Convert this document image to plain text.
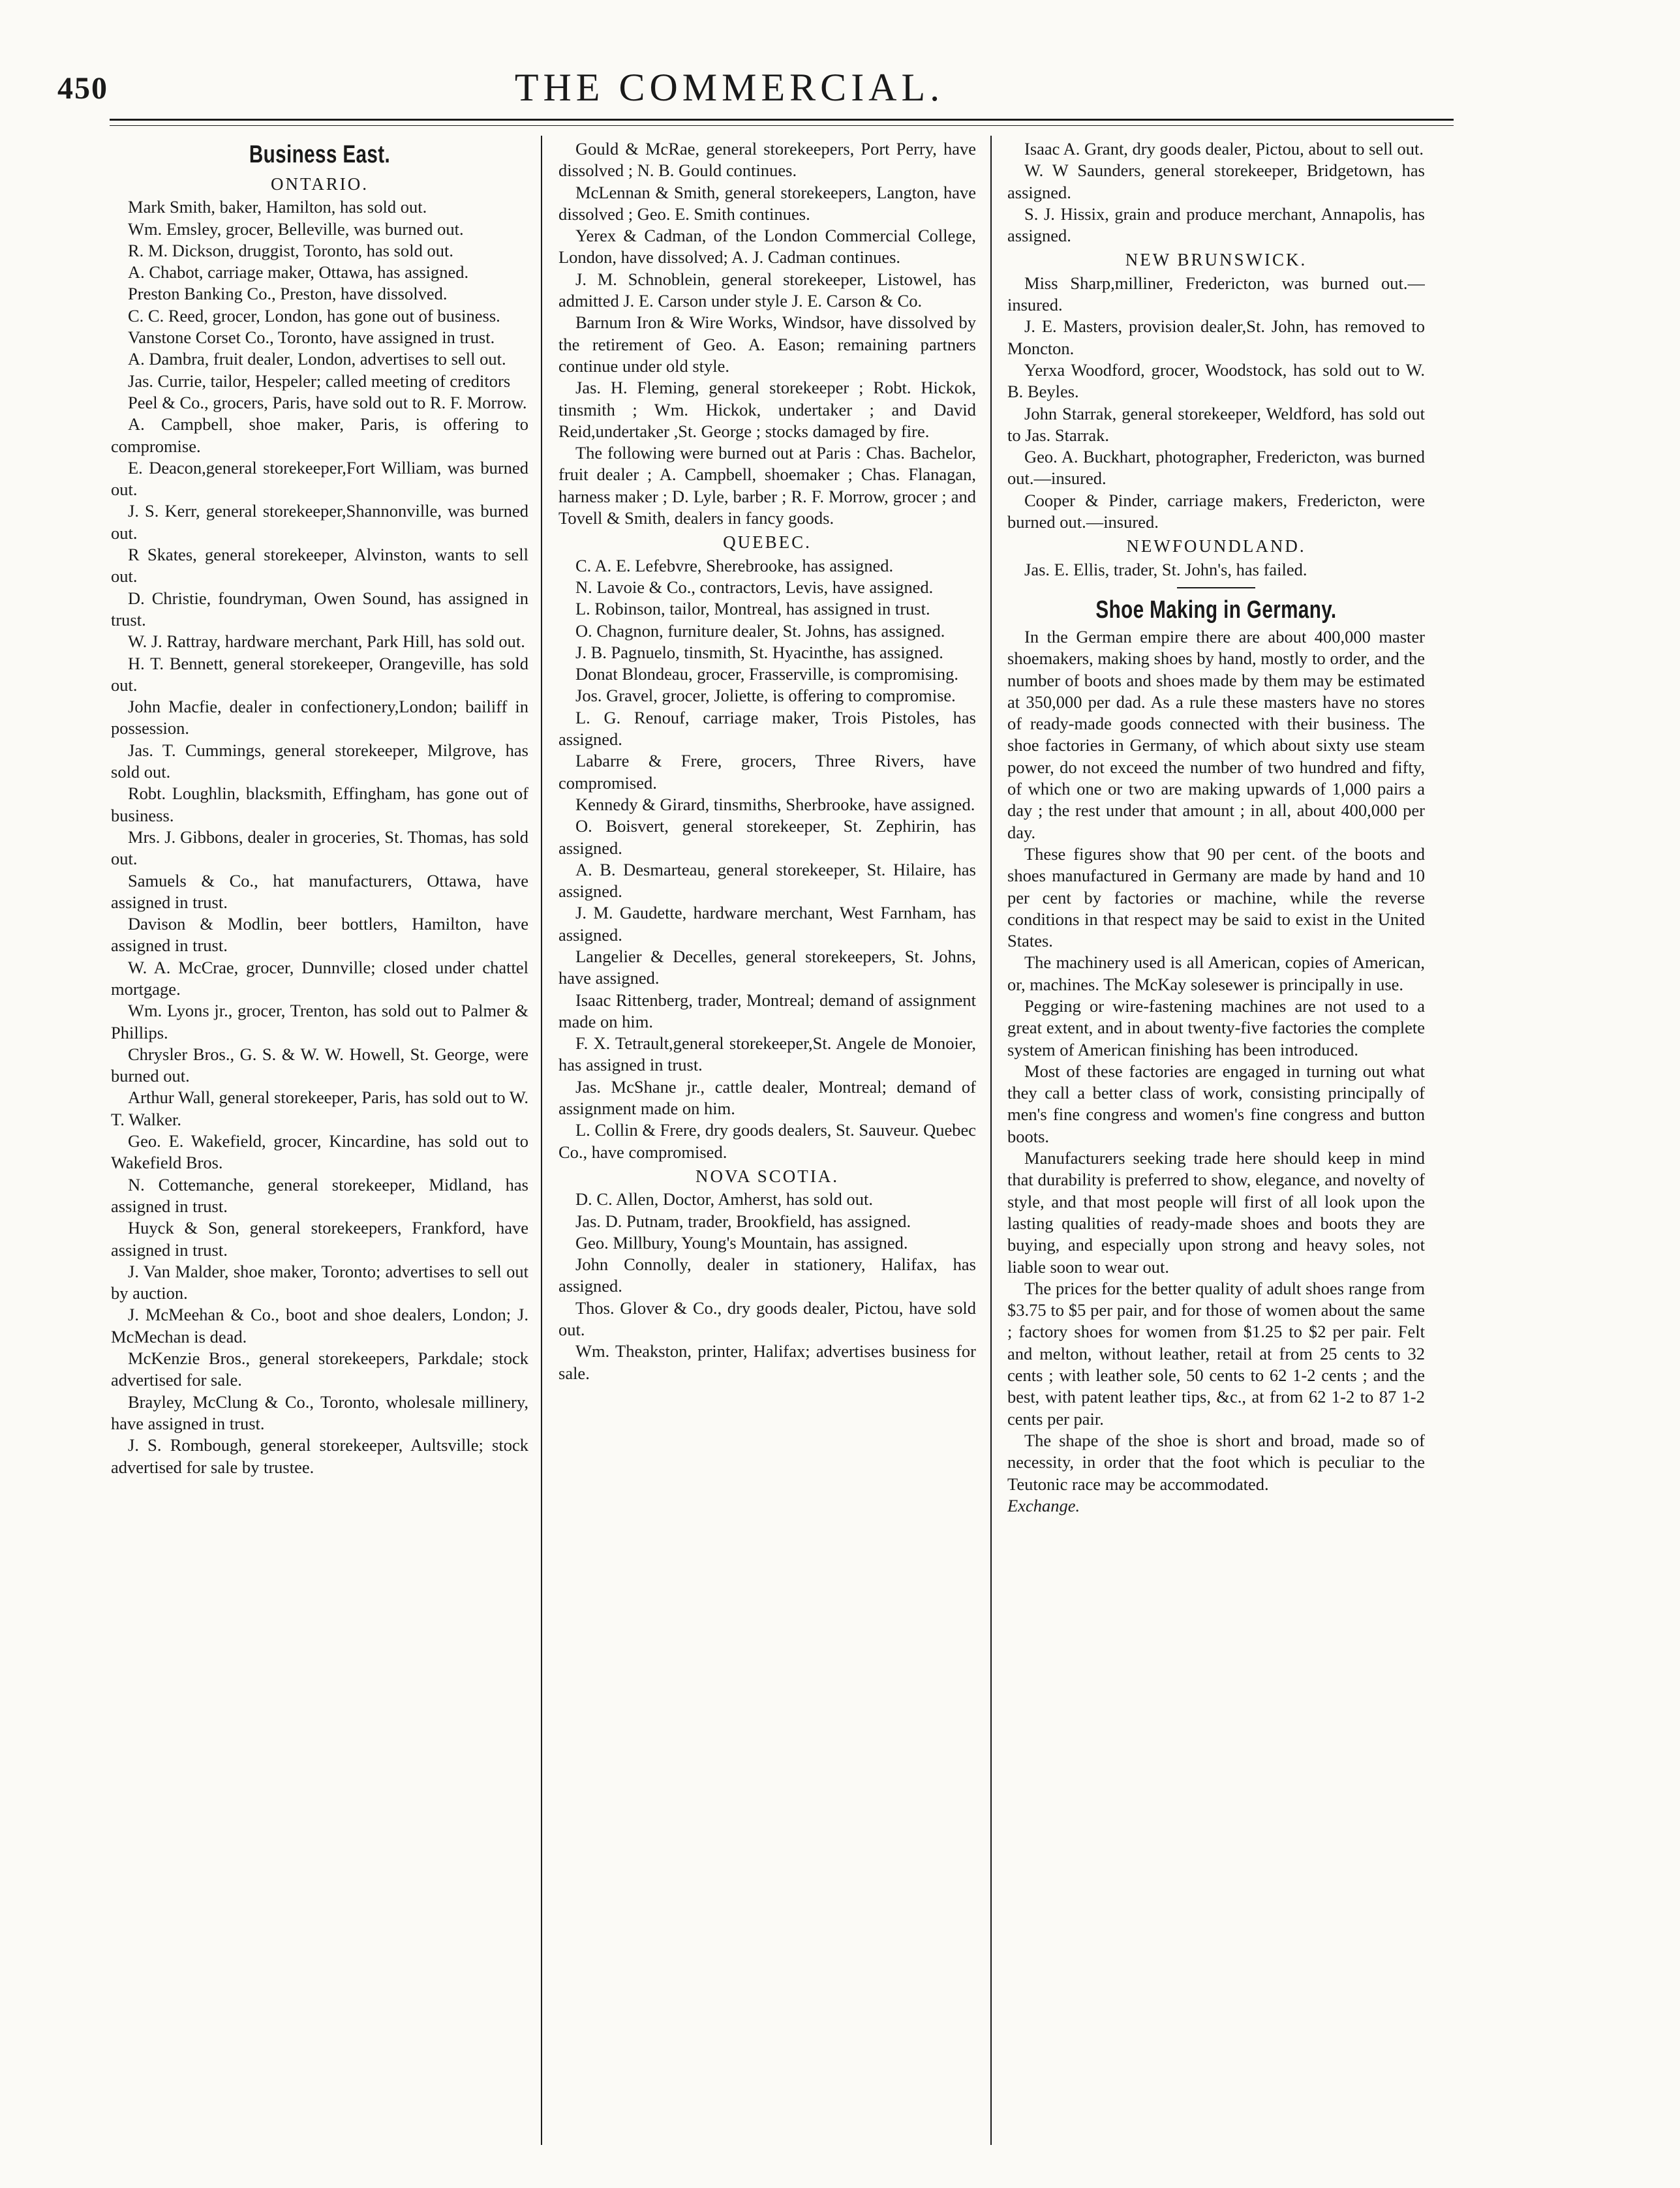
450	THE COMMERCIAL.
Business East.
ONTARIO.

Mark Smith, baker, Hamilton, has sold out.

Wm. Emsley, grocer, Belleville, was burned out.

R. M. Dickson, druggist, Toronto, has sold out.

A. Chabot, carriage maker, Ottawa, has assigned.

Preston Banking Co., Preston, have dissolved.

C. C. Reed, grocer, London, has gone out of business.

Vanstone Corset Co., Toronto, have assigned in trust.

A. Dambra, fruit dealer, London, advertises to sell out.

Jas. Currie, tailor, Hespeler; called meeting of creditors

Peel & Co., grocers, Paris, have sold out to R. F. Morrow.

A. Campbell, shoe maker, Paris, is offering to compromise.

E. Deacon,general storekeeper,Fort William, was burned out.

J. S. Kerr, general storekeeper,Shannonville, was burned out.

R Skates, general storekeeper, Alvinston, wants to sell out.

D. Christie, foundryman, Owen Sound, has assigned in trust.

W. J. Rattray, hardware merchant, Park Hill, has sold out.

H. T. Bennett, general storekeeper, Orangeville, has sold out.

John Macfie, dealer in confectionery,London; bailiff in possession.

Jas. T. Cummings, general storekeeper, Milgrove, has sold out.

Robt. Loughlin, blacksmith, Effingham, has gone out of business.

Mrs. J. Gibbons, dealer in groceries, St. Thomas, has sold out.

Samuels & Co., hat manufacturers, Ottawa, have assigned in trust.

Davison & Modlin, beer bottlers, Hamilton, have assigned in trust.

W. A. McCrae, grocer, Dunnville; closed under chattel mortgage.

Wm. Lyons jr., grocer, Trenton, has sold out to Palmer & Phillips.

Chrysler Bros., G. S. & W. W. Howell, St. George, were burned out.

Arthur Wall, general storekeeper, Paris, has sold out to W. T. Walker.

Geo. E. Wakefield, grocer, Kincardine, has sold out to Wakefield Bros.

N. Cottemanche, general storekeeper, Midland, has assigned in trust.

Huyck & Son, general storekeepers, Frankford, have assigned in trust.

J. Van Malder, shoe maker, Toronto; advertises to sell out by auction.

J. McMeehan & Co., boot and shoe dealers, London; J. McMechan is dead.

McKenzie Bros., general storekeepers, Parkdale; stock advertised for sale.

Brayley, McClung & Co., Toronto, wholesale millinery, have assigned in trust.

J. S. Rombough, general storekeeper, Aultsville; stock advertised for sale by trustee.

Gould & McRae, general storekeepers, Port Perry, have dissolved ; N. B. Gould continues.

McLennan & Smith, general storekeepers, Langton, have dissolved ; Geo. E. Smith continues.

Yerex & Cadman, of the London Commercial College, London, have dissolved; A. J. Cadman continues.

J. M. Schnoblein, general storekeeper, Listowel, has admitted J. E. Carson under style J. E. Carson & Co.

Barnum Iron & Wire Works, Windsor, have dissolved by the retirement of Geo. A. Eason; remaining partners continue under old style.

Jas. H. Fleming, general storekeeper ; Robt. Hickok, tinsmith ; Wm. Hickok, undertaker ; and David Reid,undertaker ,St. George ; stocks damaged by fire.

The following were burned out at Paris : Chas. Bachelor, fruit dealer ; A. Campbell, shoemaker ; Chas. Flanagan, harness maker ; D. Lyle, barber ; R. F. Morrow, grocer ; and Tovell & Smith, dealers in fancy goods.

QUEBEC.

C. A. E. Lefebvre, Sherebrooke, has assigned.

N. Lavoie & Co., contractors, Levis, have assigned.

L. Robinson, tailor, Montreal, has assigned in trust.

O. Chagnon, furniture dealer, St. Johns, has assigned.

J. B. Pagnuelo, tinsmith, St. Hyacinthe, has assigned.

Donat Blondeau, grocer, Frasserville, is compromising.

Jos. Gravel, grocer, Joliette, is offering to compromise.

L. G. Renouf, carriage maker, Trois Pistoles, has assigned.

Labarre & Frere, grocers, Three Rivers, have compromised.

Kennedy & Girard, tinsmiths, Sherbrooke, have assigned.

O. Boisvert, general storekeeper, St. Zephirin, has assigned.

A. B. Desmarteau, general storekeeper, St. Hilaire, has assigned.

J. M. Gaudette, hardware merchant, West Farnham, has assigned.

Langelier & Decelles, general storekeepers, St. Johns, have assigned.

Isaac Rittenberg, trader, Montreal; demand of assignment made on him.

F. X. Tetrault,general storekeeper,St. Angele de Monoier, has assigned in trust.

Jas. McShane jr., cattle dealer, Montreal; demand of assignment made on him.

L. Collin & Frere, dry goods dealers, St. Sauveur. Quebec Co., have compromised.

NOVA SCOTIA.

D. C. Allen, Doctor, Amherst, has sold out.

Jas. D. Putnam, trader, Brookfield, has assigned.

Geo. Millbury, Young's Mountain, has assigned.

John Connolly, dealer in stationery, Halifax, has assigned.

Thos. Glover & Co., dry goods dealer, Pictou, have sold out.

Wm. Theakston, printer, Halifax; advertises business for sale.

Isaac A. Grant, dry goods dealer, Pictou, about to sell out.

W. W Saunders, general storekeeper, Bridgetown, has assigned.

S. J. Hissix, grain and produce merchant, Annapolis, has assigned.

NEW BRUNSWICK.

Miss Sharp,milliner, Fredericton, was burned out.—insured.

J. E. Masters, provision dealer,St. John, has removed to Moncton.

Yerxa Woodford, grocer, Woodstock, has sold out to W. B. Beyles.

John Starrak, general storekeeper, Weldford, has sold out to Jas. Starrak.

Geo. A. Buckhart, photographer, Fredericton, was burned out.—insured.

Cooper & Pinder, carriage makers, Fredericton, were burned out.—insured.

NEWFOUNDLAND.

Jas. E. Ellis, trader, St. John's, has failed.

Shoe Making in Germany.

In the German empire there are about 400,000 master shoemakers, making shoes by hand, mostly to order, and the number of boots and shoes made by them may be estimated at 350,000 per dad. As a rule these masters have no stores of ready-made goods connected with their business. The shoe factories in Germany, of which about sixty use steam power, do not exceed the number of two hundred and fifty, of which one or two are making upwards of 1,000 pairs a day ; the rest under that amount ; in all, about 400,000 per day.

These figures show that 90 per cent. of the boots and shoes manufactured in Germany are made by hand and 10 per cent by factories or machine, while the reverse conditions in that respect may be said to exist in the United States.

The machinery used is all American, copies of American, or, machines. The McKay solesewer is principally in use.

Pegging or wire-fastening machines are not used to a great extent, and in about twenty-five factories the complete system of American finishing has been introduced.

Most of these factories are engaged in turning out what they call a better class of work, consisting principally of men's fine congress and women's fine congress and button boots.

Manufacturers seeking trade here should keep in mind that durability is preferred to show, elegance, and novelty of style, and that most people will first of all look upon the lasting qualities of ready-made shoes and boots they are buying, and especially upon strong and heavy soles, not liable soon to wear out.

The prices for the better quality of adult shoes range from $3.75 to $5 per pair, and for those of women about the same ; factory shoes for women from $1.25 to $2 per pair. Felt and melton, without leather, retail at from 25 cents to 32 cents ; with leather sole, 50 cents to 62 1-2 cents ; and the best, with patent leather tips, &c., at from 62 1-2 to 87 1-2 cents per pair.

The shape of the shoe is short and broad, made so of necessity, in order that the foot which is peculiar to the Teutonic race may be accommodated.

Exchange.
